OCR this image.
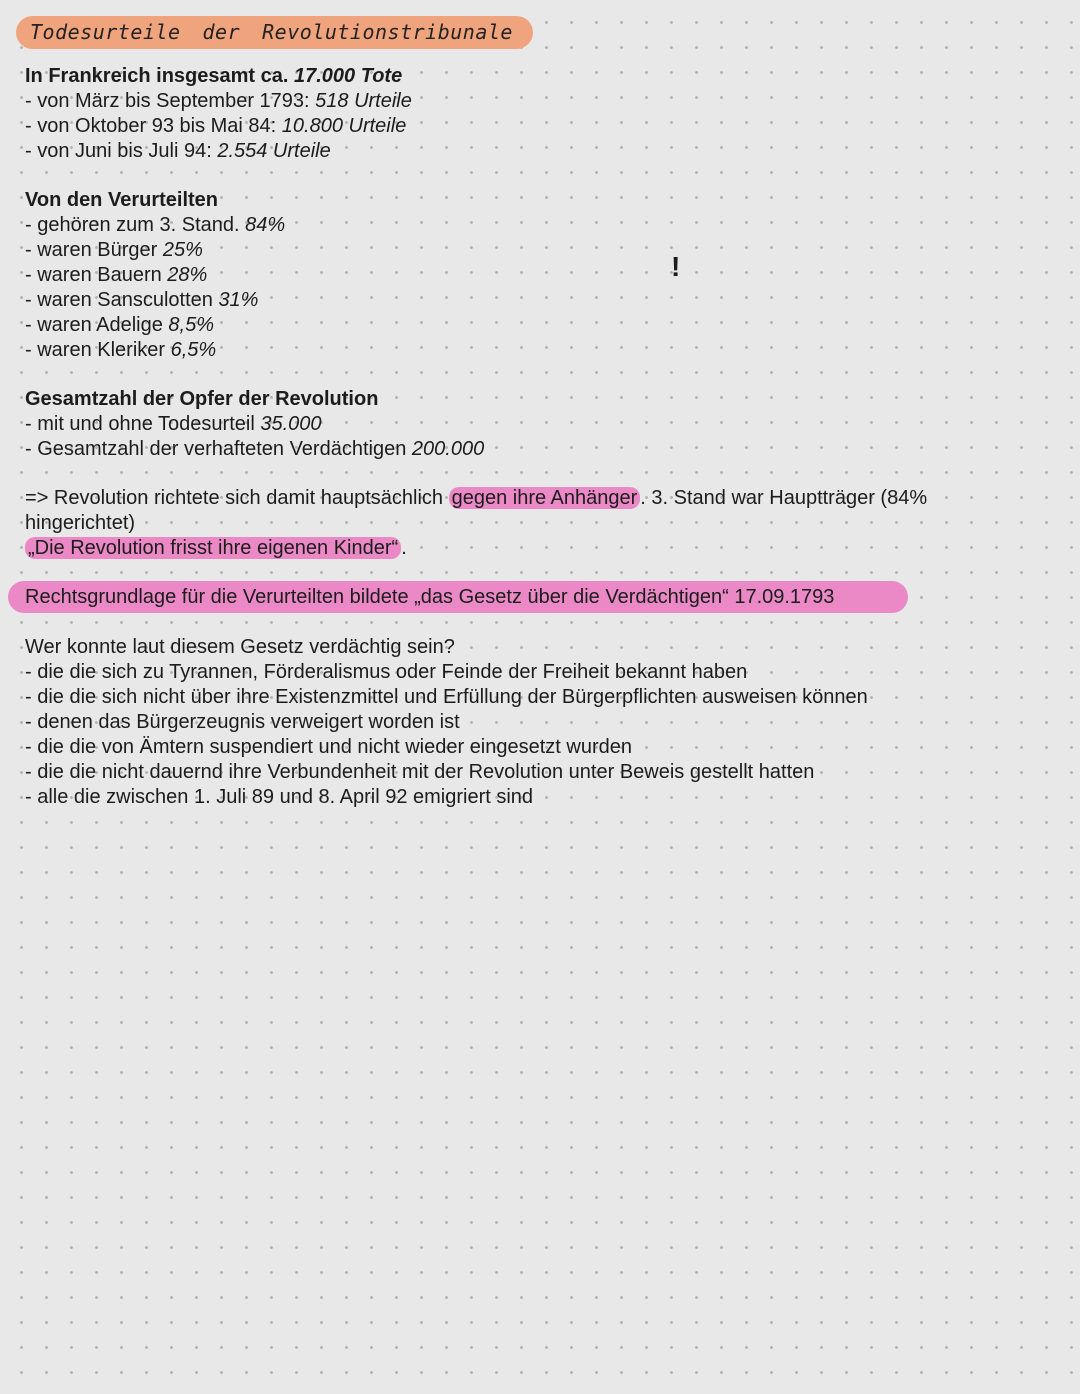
Todesurteile der Revolutionstribunale
In Frankreich insgesamt ca. 17.000 Tote
- von März bis September 1793: 518 Urteile
- von Oktober 93 bis Mai 84: 10.800 Urteile
- von Juni bis Juli 94: 2.554 Urteile
Von den Verurteilten
- gehören zum 3. Stand. 84%
- waren Bürger 25%
- waren Bauern 28%
- waren Sansculotten 31%
- waren Adelige 8,5%
- waren Kleriker 6,5%
!
Gesamtzahl der Opfer der Revolution
- mit und ohne Todesurteil 35.000
- Gesamtzahl der verhafteten Verdächtigen 200.000
=> Revolution richtete sich damit hauptsächlich gegen ihre Anhänger . 3. Stand war Hauptträger (84%
hingerichtet)
„Die Revolution frisst ihre eigenen Kinder“ .
Rechtsgrundlage für die Verurteilten bildete „das Gesetz über die Verdächtigen“ 17.09.1793
Wer konnte laut diesem Gesetz verdächtig sein?
- die die sich zu Tyrannen, Förderalismus oder Feinde der Freiheit bekannt haben
- die die sich nicht über ihre Existenzmittel und Erfüllung der Bürgerpflichten ausweisen können
- denen das Bürgerzeugnis verweigert worden ist
- die die von Ämtern suspendiert und nicht wieder eingesetzt wurden
- die die nicht dauernd ihre Verbundenheit mit der Revolution unter Beweis gestellt hatten
- alle die zwischen 1. Juli 89 und 8. April 92 emigriert sind
